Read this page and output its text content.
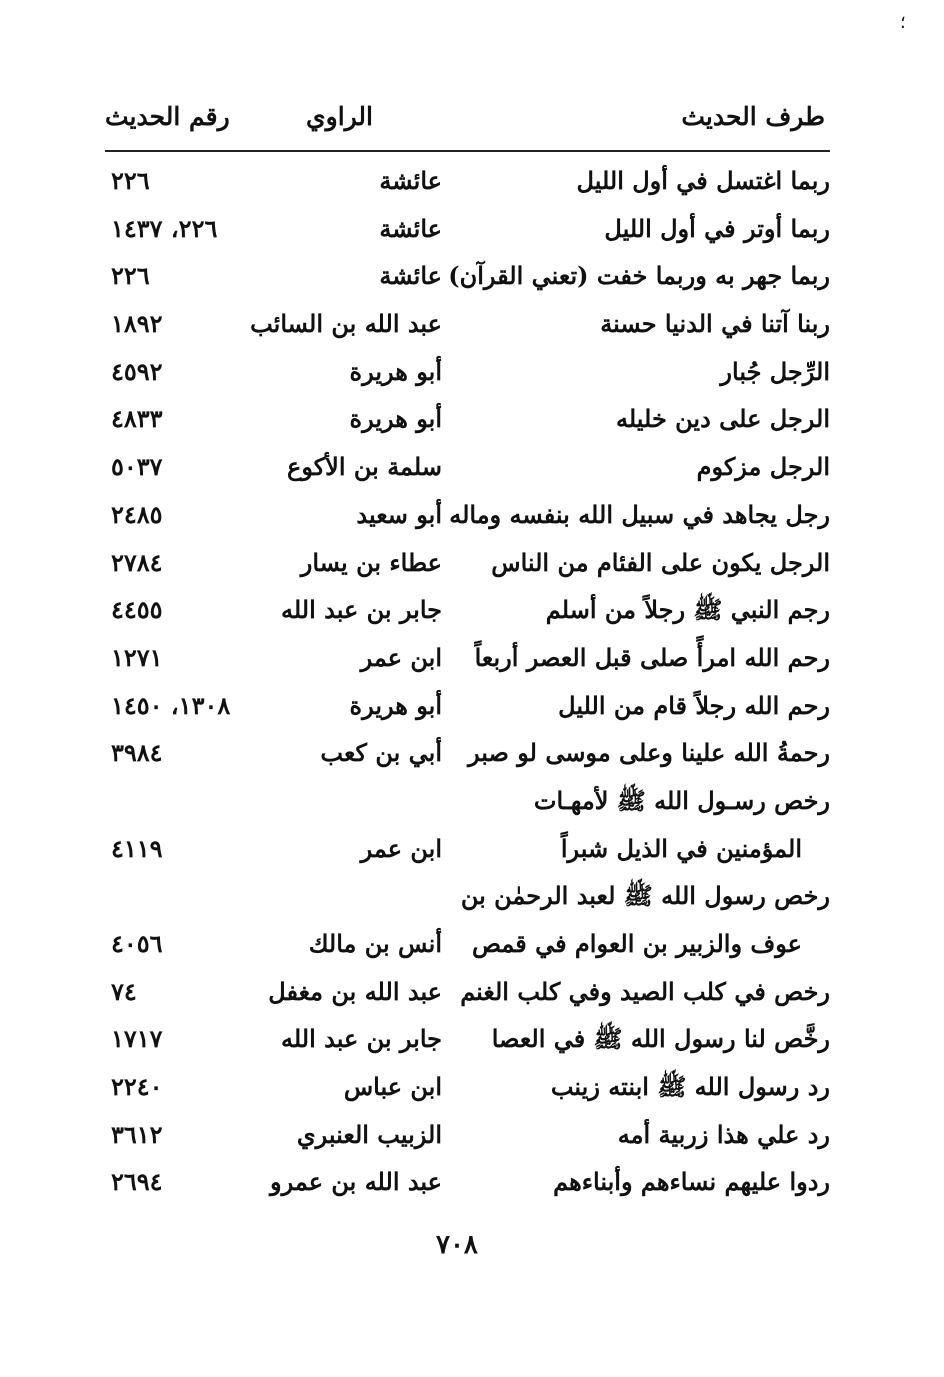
؛
طرف الحديث
الراوي
رقم الحديث
ربما اغتسل في أول الليل
عائشة
٢٢٦
ربما أوتر في أول الليل
عائشة
٢٢٦، ١٤٣٧
ربما جهر به وربما خفت (تعني القرآن)
عائشة
٢٢٦
ربنا آتنا في الدنيا حسنة
عبد الله بن السائب
١٨٩٢
الرِّجل جُبار
أبو هريرة
٤٥٩٢
الرجل على دين خليله
أبو هريرة
٤٨٣٣
الرجل مزكوم
سلمة بن الأكوع
٥٠٣٧
رجل يجاهد في سبيل الله بنفسه وماله
أبو سعيد
٢٤٨٥
الرجل يكون على الفئام من الناس
عطاء بن يسار
٢٧٨٤
رجم النبي ﷺ رجلاً من أسلم
جابر بن عبد الله
٤٤٥٥
رحم الله امرأً صلى قبل العصر أربعاً
ابن عمر
١٢٧١
رحم الله رجلاً قام من الليل
أبو هريرة
١٣٠٨، ١٤٥٠
رحمةُ الله علينا وعلى موسى لو صبر
أبي بن كعب
٣٩٨٤
رخص رسـول الله ﷺ لأمهـات
المؤمنين في الذيل شبراً
ابن عمر
٤١١٩
رخص رسول الله ﷺ لعبد الرحمٰن بن
عوف والزبير بن العوام في قمص
أنس بن مالك
٤٠٥٦
رخص في كلب الصيد وفي كلب الغنم
عبد الله بن مغفل
٧٤
رخَّص لنا رسول الله ﷺ في العصا
جابر بن عبد الله
١٧١٧
رد رسول الله ﷺ ابنته زينب
ابن عباس
٢٢٤٠
رد علي هذا زربية أمه
الزبيب العنبري
٣٦١٢
ردوا عليهم نساءهم وأبناءهم
عبد الله بن عمرو
٢٦٩٤
٧٠٨
